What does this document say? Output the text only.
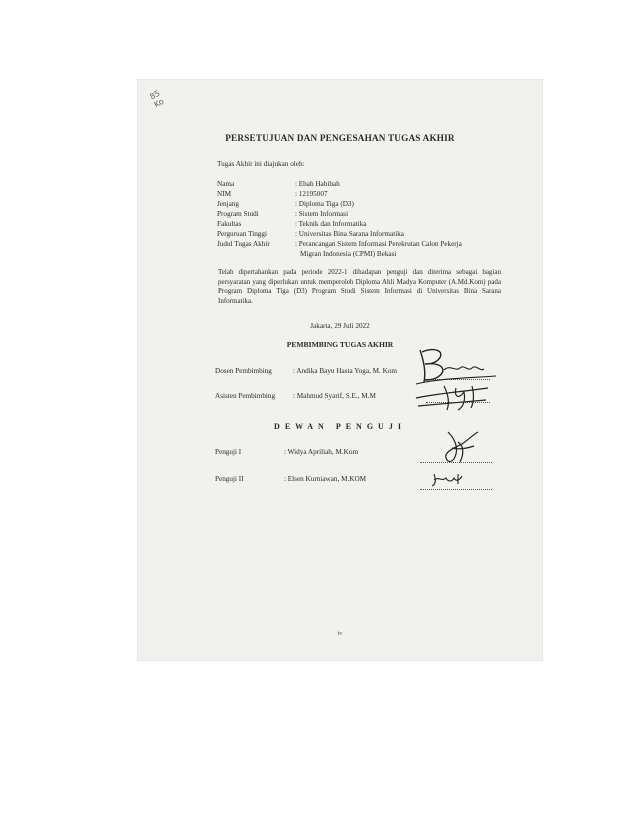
85
Ko
PERSETUJUAN DAN PENGESAHAN TUGAS AKHIR
Tugas Akhir ini diajukan oleh:
Nama	: Ebah Habibah
NIM	: 12195007
Jenjang	: Diploma Tiga (D3)
Program Studi	: Sistem Informasi
Fakultas	: Teknik dan Informatika
Perguruan Tinggi	: Universitas Bina Sarana Informatika
Judul Tugas Akhir	: Perancangan Sistem Informasi Perekrutan Calon Pekerja
Migran Indonesia (CPMI) Bekasi
Telah dipertahankan pada periode 2022-1 dihadapan penguji dan diterima sebagai bagian persyaratan yang diperlukan untuk memperoleh Diploma Ahli Madya Komputer (A.Md.Kom) pada Program Diploma Tiga (D3) Program Studi Sistem Informasi di Universitas Bina Sarana Informatika.
Jakarta, 29 Juli 2022
PEMBIMBING TUGAS AKHIR
Dosen Pembimbing	: Andika Bayu Hasta Yoga, M. Kom
Asisten Pembimbing : Mahmud Syarif, S.E., M.M
DEWAN PENGUJI
Penguji I	: Widya Apriliah, M.Kom
Penguji II	: Elsen Kurniawan, M.KOM
iv
